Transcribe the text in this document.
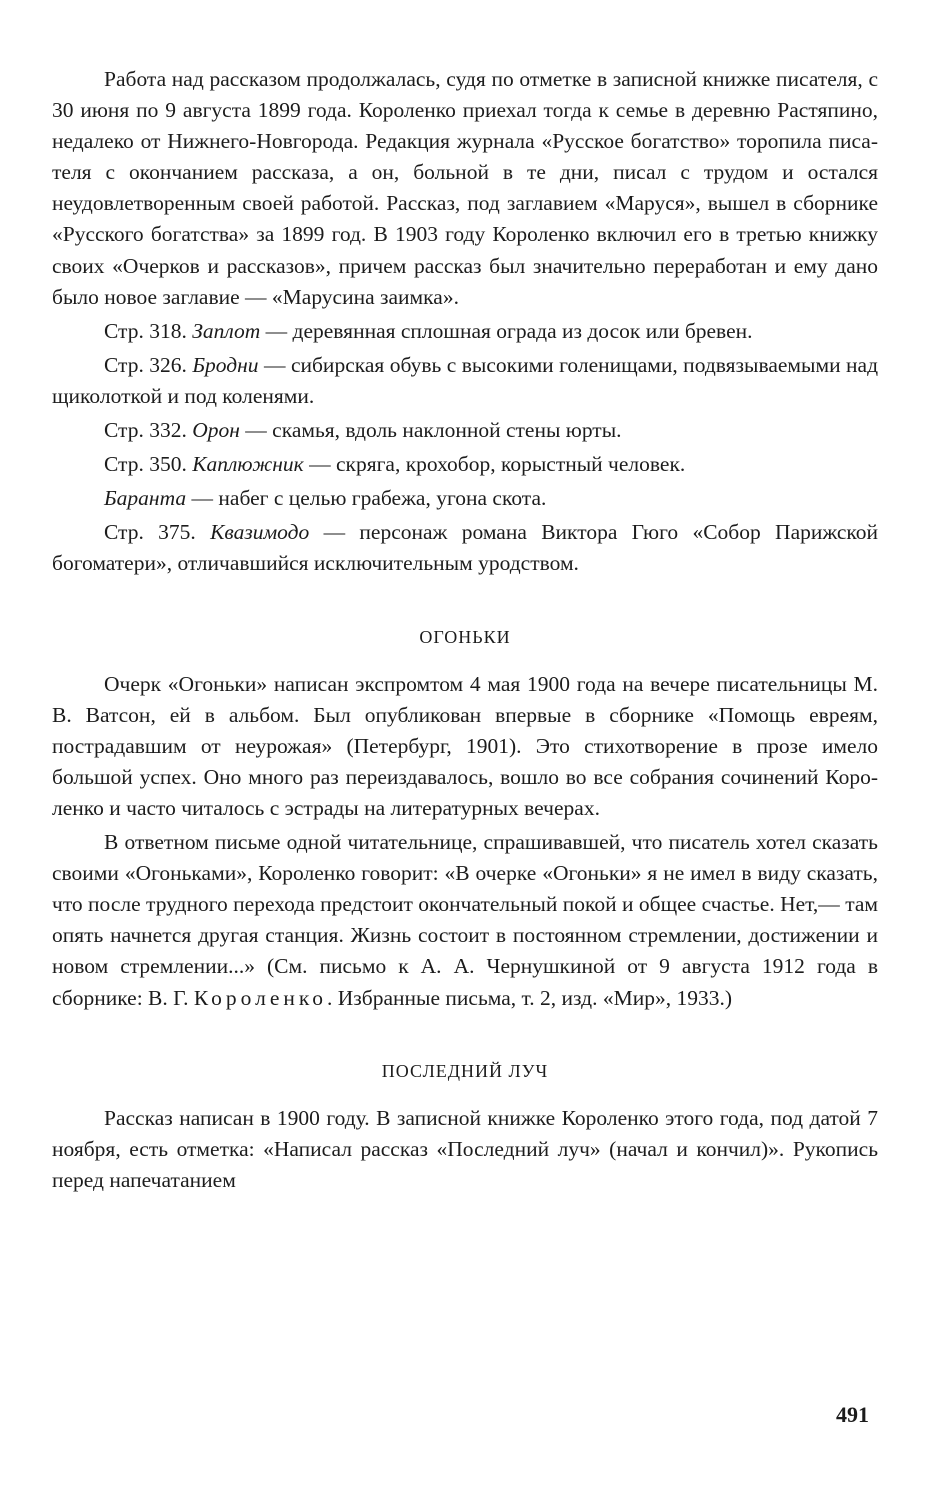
Работа над рассказом продолжалась, судя по отметке в записной книжке писателя, с 30 июня по 9 августа 1899 года. Короленко приехал тогда к семье в деревню Растяпино, недалеко от Нижнего-Новгорода. Редакция журнала «Русское богатство» торопила писателя с окончанием рассказа, а он, больной в те дни, писал с трудом и остался неудовлетворенным своей работой. Рассказ, под заглавием «Маруся», вышел в сборнике «Русского богатства» за 1899 год. В 1903 году Короленко включил его в третью книжку своих «Очерков и рассказов», причем рассказ был значительно переработан и ему дано было новое заглавие — «Марусина заимка».

Стр. 318. Заплот — деревянная сплошная ограда из досок или бревен.

Стр. 326. Бродни — сибирская обувь с высокими голенищами, подвязываемыми над щиколоткой и под коленями.

Стр. 332. Орон — скамья, вдоль наклонной стены юрты.

Стр. 350. Каплюжник — скряга, крохобор, корыстный человек.

Баранта — набег с целью грабежа, угона скота.

Стр. 375. Квазимодо — персонаж романа Виктора Гюго «Собор Парижской богоматери», отличавшийся исключительным уродством.

ОГОНЬКИ

Очерк «Огоньки» написан экспромтом 4 мая 1900 года на вечере писательницы М. В. Ватсон, ей в альбом. Был опубликован впервые в сборнике «Помощь евреям, пострадавшим от неурожая» (Петербург, 1901). Это стихотворение в прозе имело большой успех. Оно много раз переиздавалось, вошло во все собрания сочинений Короленко и часто читалось с эстрады на литературных вечерах.

В ответном письме одной читательнице, спрашивавшей, что писатель хотел сказать своими «Огоньками», Короленко говорит: «В очерке «Огоньки» я не имел в виду сказать, что после трудного перехода предстоит окончательный покой и общее счастье. Нет,— там опять начнется другая станция. Жизнь состоит в постоянном стремлении, достижении и новом стремлении...» (См. письмо к А. А. Чернушкиной от 9 августа 1912 года в сборнике: В. Г. Короленко. Избранные письма, т. 2, изд. «Мир», 1933.)

ПОСЛЕДНИЙ ЛУЧ

Рассказ написан в 1900 году. В записной книжке Короленко этого года, под датой 7 ноября, есть отметка: «Написал рассказ «Последний луч» (начал и кончил)». Рукопись перед напечатанием

491
